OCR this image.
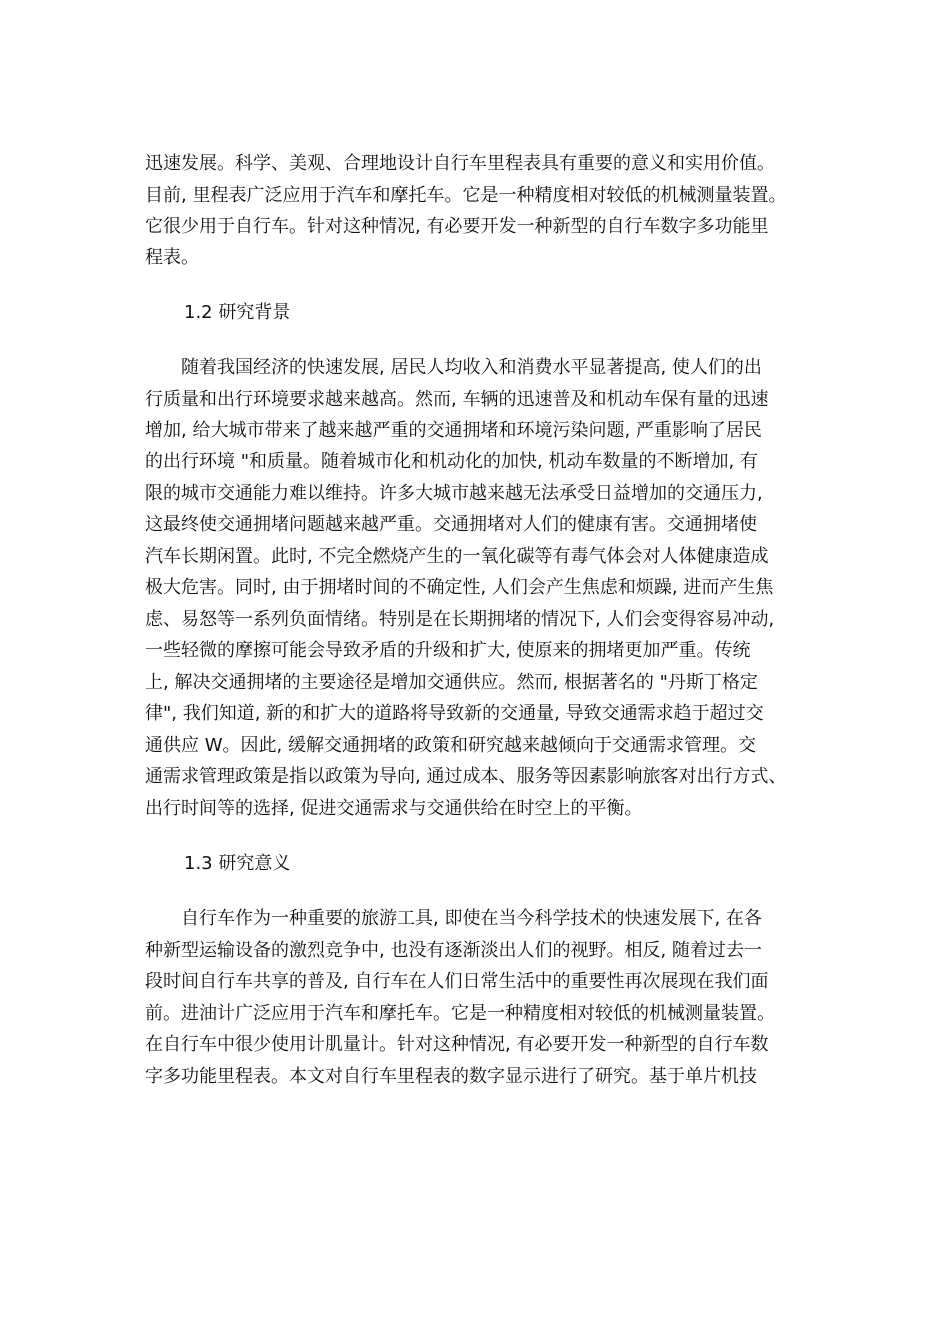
迅速发展。科学、美观、合理地设计自行车里程表具有重要的意义和实用价值。
目前, 里程表广泛应用于汽车和摩托车。它是一种精度相对较低的机械测量装置。
它很少用于自行车。针对这种情况, 有必要开发一种新型的自行车数字多功能里
程表。
1.2 研究背景
　　随着我国经济的快速发展, 居民人均收入和消费水平显著提高, 使人们的出
行质量和出行环境要求越来越高。然而, 车辆的迅速普及和机动车保有量的迅速
增加, 给大城市带来了越来越严重的交通拥堵和环境污染问题, 严重影响了居民
的出行环境 "和质量。随着城市化和机动化的加快, 机动车数量的不断增加, 有
限的城市交通能力难以维持。许多大城市越来越无法承受日益增加的交通压力,
这最终使交通拥堵问题越来越严重。交通拥堵对人们的健康有害。交通拥堵使
汽车长期闲置。此时, 不完全燃烧产生的一氧化碳等有毒气体会对人体健康造成
极大危害。同时, 由于拥堵时间的不确定性, 人们会产生焦虑和烦躁, 进而产生焦
虑、易怒等一系列负面情绪。特别是在长期拥堵的情况下, 人们会变得容易冲动,
一些轻微的摩擦可能会导致矛盾的升级和扩大, 使原来的拥堵更加严重。传统
上, 解决交通拥堵的主要途径是增加交通供应。然而, 根据著名的 "丹斯丁格定
律", 我们知道, 新的和扩大的道路将导致新的交通量, 导致交通需求趋于超过交
通供应 W。因此, 缓解交通拥堵的政策和研究越来越倾向于交通需求管理。交
通需求管理政策是指以政策为导向, 通过成本、服务等因素影响旅客对出行方式、
出行时间等的选择, 促进交通需求与交通供给在时空上的平衡。
1.3 研究意义
　　自行车作为一种重要的旅游工具, 即使在当今科学技术的快速发展下, 在各
种新型运输设备的激烈竞争中, 也没有逐渐淡出人们的视野。相反, 随着过去一
段时间自行车共享的普及, 自行车在人们日常生活中的重要性再次展现在我们面
前。进油计广泛应用于汽车和摩托车。它是一种精度相对较低的机械测量装置。
在自行车中很少使用计肌量计。针对这种情况, 有必要开发一种新型的自行车数
字多功能里程表。本文对自行车里程表的数字显示进行了研究。基于单片机技
